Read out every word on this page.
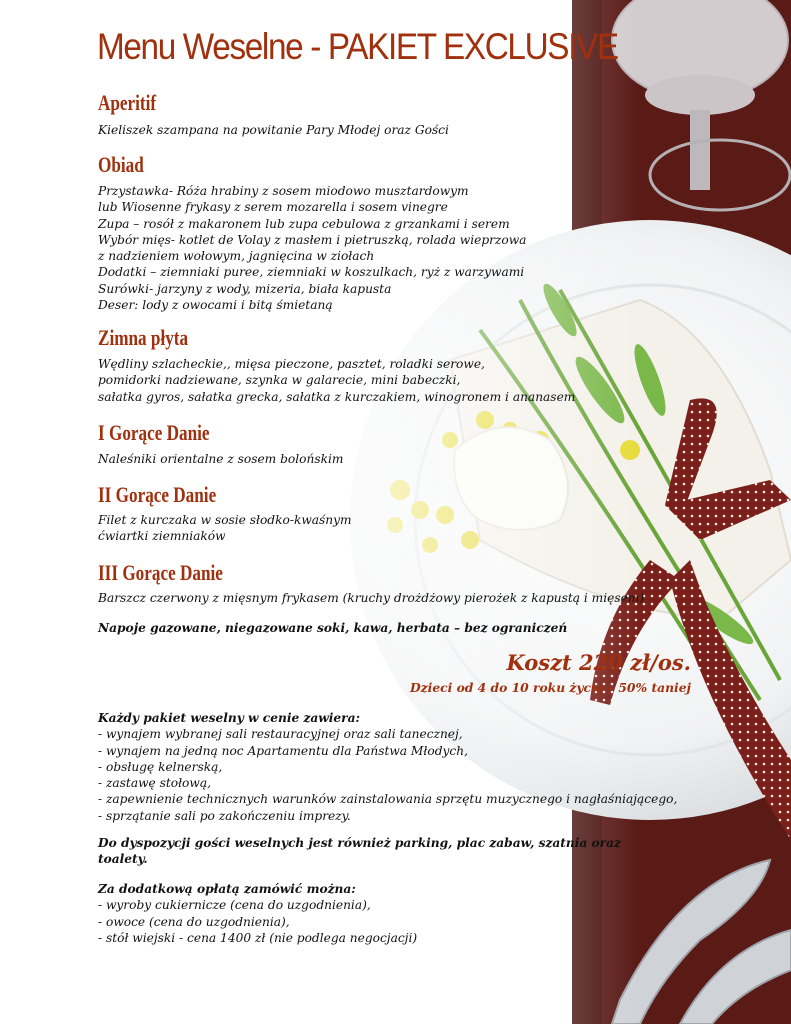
Menu Weselne - PAKIET EXCLUSIVE
Aperitif
Kieliszek szampana na powitanie Pary Młodej oraz Gości
Obiad
Przystawka- Róża hrabiny z sosem miodowo musztardowym
lub Wiosenne frykasy z serem mozarella i sosem vinegre
Zupa – rosół z makaronem lub zupa cebulowa z grzankami i serem
Wybór mięs- kotlet de Volay z masłem i pietruszką, rolada wieprzowa
z nadzieniem wołowym, jagnięcina w ziołach
Dodatki – ziemniaki puree, ziemniaki w koszulkach, ryż z warzywami
Surówki- jarzyny z wody, mizeria, biała kapusta
Deser: lody z owocami i bitą śmietaną
Zimna płyta
Wędliny szlacheckie,, mięsa pieczone, pasztet, roladki serowe,
pomidorki nadziewane, szynka w galarecie, mini babeczki,
sałatka gyros, sałatka grecka, sałatka z kurczakiem, winogronem i ananasem
I Gorące Danie
Naleśniki orientalne z sosem bolońskim
II Gorące Danie
Filet z kurczaka w sosie słodko-kwaśnym
ćwiartki ziemniaków
III Gorące Danie
Barszcz czerwony z mięsnym frykasem (kruchy drożdżowy pierożek z kapustą i mięsem)

Napoje gazowane, niegazowane soki, kawa, herbata – bez ograniczeń

Koszt 220 zł/os.
Dzieci od 4 do 10 roku życia – 50% taniej
Każdy pakiet weselny w cenie zawiera:
- wynajem wybranej sali restauracyjnej oraz sali tanecznej,
- wynajem na jedną noc Apartamentu dla Państwa Młodych,
- obsługę kelnerską,
- zastawę stołową,
- zapewnienie technicznych warunków zainstalowania sprzętu muzycznego i nagłaśniającego,
- sprzątanie sali po zakończeniu imprezy.

Do dyspozycji gości weselnych jest również parking, plac zabaw, szatnia oraz toalety.

Za dodatkową opłatą zamówić można:
- wyroby cukiernicze (cena do uzgodnienia),
- owoce (cena do uzgodnienia),
- stół wiejski - cena 1400 zł (nie podlega negocjacji)
